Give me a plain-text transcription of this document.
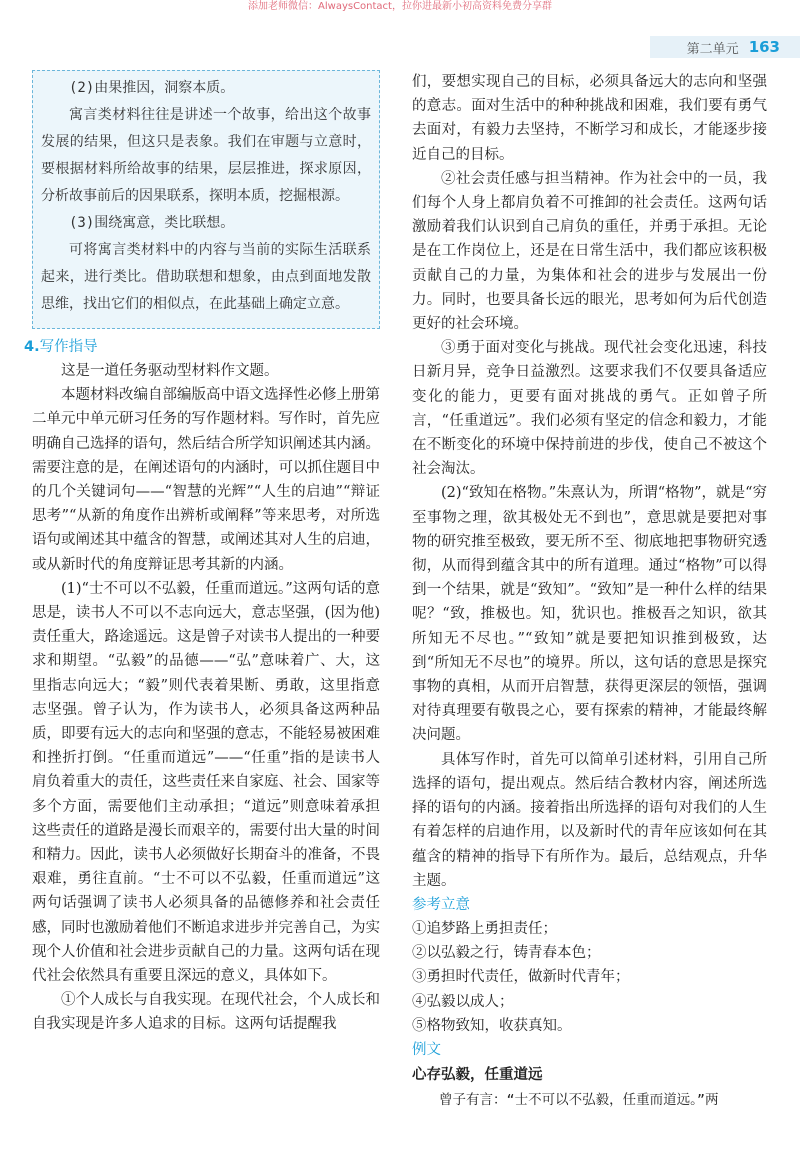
添加老师微信：AlwaysContact，拉你进最新小初高资料免费分享群
第二单元 163

(2)由果推因，洞察本质。

寓言类材料往往是讲述一个故事，给出这个故事发展的结果，但这只是表象。我们在审题与立意时，要根据材料所给故事的结果，层层推进，探求原因，分析故事前后的因果联系，探明本质，挖掘根源。

(3)围绕寓意，类比联想。

可将寓言类材料中的内容与当前的实际生活联系起来，进行类比。借助联想和想象，由点到面地发散思维，找出它们的相似点，在此基础上确定立意。

4.写作指导

这是一道任务驱动型材料作文题。

本题材料改编自部编版高中语文选择性必修上册第二单元中单元研习任务的写作题材料。写作时，首先应明确自己选择的语句，然后结合所学知识阐述其内涵。需要注意的是，在阐述语句的内涵时，可以抓住题目中的几个关键词句——“智慧的光辉”“人生的启迪”“辩证思考”“从新的角度作出辨析或阐释”等来思考，对所选语句或阐述其中蕴含的智慧，或阐述其对人生的启迪，或从新时代的角度辩证思考其新的内涵。

(1)“士不可以不弘毅，任重而道远。”这两句话的意思是，读书人不可以不志向远大，意志坚强，(因为他)责任重大，路途遥远。这是曾子对读书人提出的一种要求和期望。“弘毅”的品德——“弘”意味着广、大，这里指志向远大；“毅”则代表着果断、勇敢，这里指意志坚强。曾子认为，作为读书人，必须具备这两种品质，即要有远大的志向和坚强的意志，不能轻易被困难和挫折打倒。“任重而道远”——“任重”指的是读书人肩负着重大的责任，这些责任来自家庭、社会、国家等多个方面，需要他们主动承担；“道远”则意味着承担这些责任的道路是漫长而艰辛的，需要付出大量的时间和精力。因此，读书人必须做好长期奋斗的准备，不畏艰难，勇往直前。“士不可以不弘毅，任重而道远”这两句话强调了读书人必须具备的品德修养和社会责任感，同时也激励着他们不断追求进步并完善自己，为实现个人价值和社会进步贡献自己的力量。这两句话在现代社会依然具有重要且深远的意义，具体如下。

①个人成长与自我实现。在现代社会，个人成长和自我实现是许多人追求的目标。这两句话提醒我

们，要想实现自己的目标，必须具备远大的志向和坚强的意志。面对生活中的种种挑战和困难，我们要有勇气去面对，有毅力去坚持，不断学习和成长，才能逐步接近自己的目标。

②社会责任感与担当精神。作为社会中的一员，我们每个人身上都肩负着不可推卸的社会责任。这两句话激励着我们认识到自己肩负的重任，并勇于承担。无论是在工作岗位上，还是在日常生活中，我们都应该积极贡献自己的力量，为集体和社会的进步与发展出一份力。同时，也要具备长远的眼光，思考如何为后代创造更好的社会环境。

③勇于面对变化与挑战。现代社会变化迅速，科技日新月异，竞争日益激烈。这要求我们不仅要具备适应变化的能力，更要有面对挑战的勇气。正如曾子所言，“任重道远”。我们必须有坚定的信念和毅力，才能在不断变化的环境中保持前进的步伐，使自己不被这个社会淘汰。

(2)“致知在格物。”朱熹认为，所谓“格物”，就是“穷至事物之理，欲其极处无不到也”，意思就是要把对事物的研究推至极致，要无所不至、彻底地把事物研究透彻，从而得到蕴含其中的所有道理。通过“格物”可以得到一个结果，就是“致知”。“致知”是一种什么样的结果呢？“致，推极也。知，犹识也。推极吾之知识，欲其所知无不尽也。”“致知”就是要把知识推到极致，达到“所知无不尽也”的境界。所以，这句话的意思是探究事物的真相，从而开启智慧，获得更深层的领悟，强调对待真理要有敬畏之心，要有探索的精神，才能最终解决问题。

具体写作时，首先可以简单引述材料，引用自己所选择的语句，提出观点。然后结合教材内容，阐述所选择的语句的内涵。接着指出所选择的语句对我们的人生有着怎样的启迪作用，以及新时代的青年应该如何在其蕴含的精神的指导下有所作为。最后，总结观点，升华主题。

参考立意

①追梦路上勇担责任；

②以弘毅之行，铸青春本色；

③勇担时代责任，做新时代青年；

④弘毅以成人；

⑤格物致知，收获真知。

例文

心存弘毅，任重道远

曾子有言：“士不可以不弘毅，任重而道远。”两
